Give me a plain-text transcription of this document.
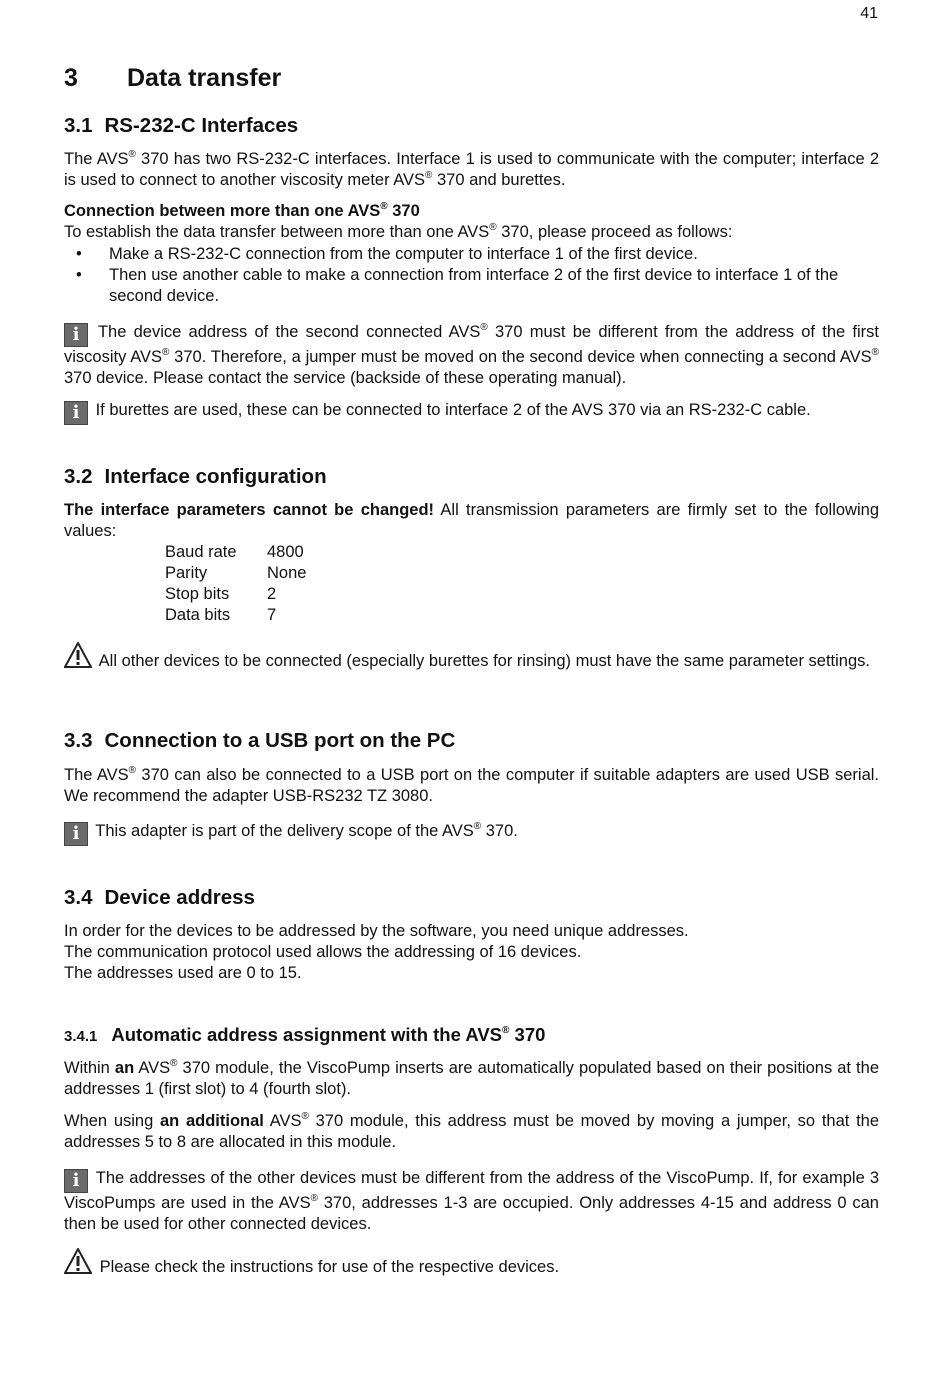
41
3 Data transfer
3.1 RS-232-C Interfaces

The AVS® 370 has two RS-232-C interfaces. Interface 1 is used to communicate with the computer; interface 2 is used to connect to another viscosity meter AVS® 370 and burettes.

Connection between more than one AVS® 370

To establish the data transfer between more than one AVS® 370, please proceed as follows:

• Make a RS-232-C connection from the computer to interface 1 of the first device.
• Then use another cable to make a connection from interface 2 of the first device to interface 1 of the second device.

i The device address of the second connected AVS® 370 must be different from the address of the first viscosity AVS® 370. Therefore, a jumper must be moved on the second device when connecting a second AVS® 370 device. Please contact the service (backside of these operating manual).

i If burettes are used, these can be connected to interface 2 of the AVS 370 via an RS-232-C cable.

3.2 Interface configuration

The interface parameters cannot be changed! All transmission parameters are firmly set to the following values:

Baud rate	4800
Parity	None
Stop bits	2
Data bits	7

All other devices to be connected (especially burettes for rinsing) must have the same parameter settings.

3.3 Connection to a USB port on the PC

The AVS® 370 can also be connected to a USB port on the computer if suitable adapters are used USB serial. We recommend the adapter USB-RS232 TZ 3080.

i This adapter is part of the delivery scope of the AVS® 370.

3.4 Device address

In order for the devices to be addressed by the software, you need unique addresses.
The communication protocol used allows the addressing of 16 devices.
The addresses used are 0 to 15.

3.4.1 Automatic address assignment with the AVS® 370

Within an AVS® 370 module, the ViscoPump inserts are automatically populated based on their positions at the addresses 1 (first slot) to 4 (fourth slot).

When using an additional AVS® 370 module, this address must be moved by moving a jumper, so that the addresses 5 to 8 are allocated in this module.

i The addresses of the other devices must be different from the address of the ViscoPump. If, for example 3 ViscoPumps are used in the AVS® 370, addresses 1-3 are occupied. Only addresses 4-15 and address 0 can then be used for other connected devices.

Please check the instructions for use of the respective devices.
